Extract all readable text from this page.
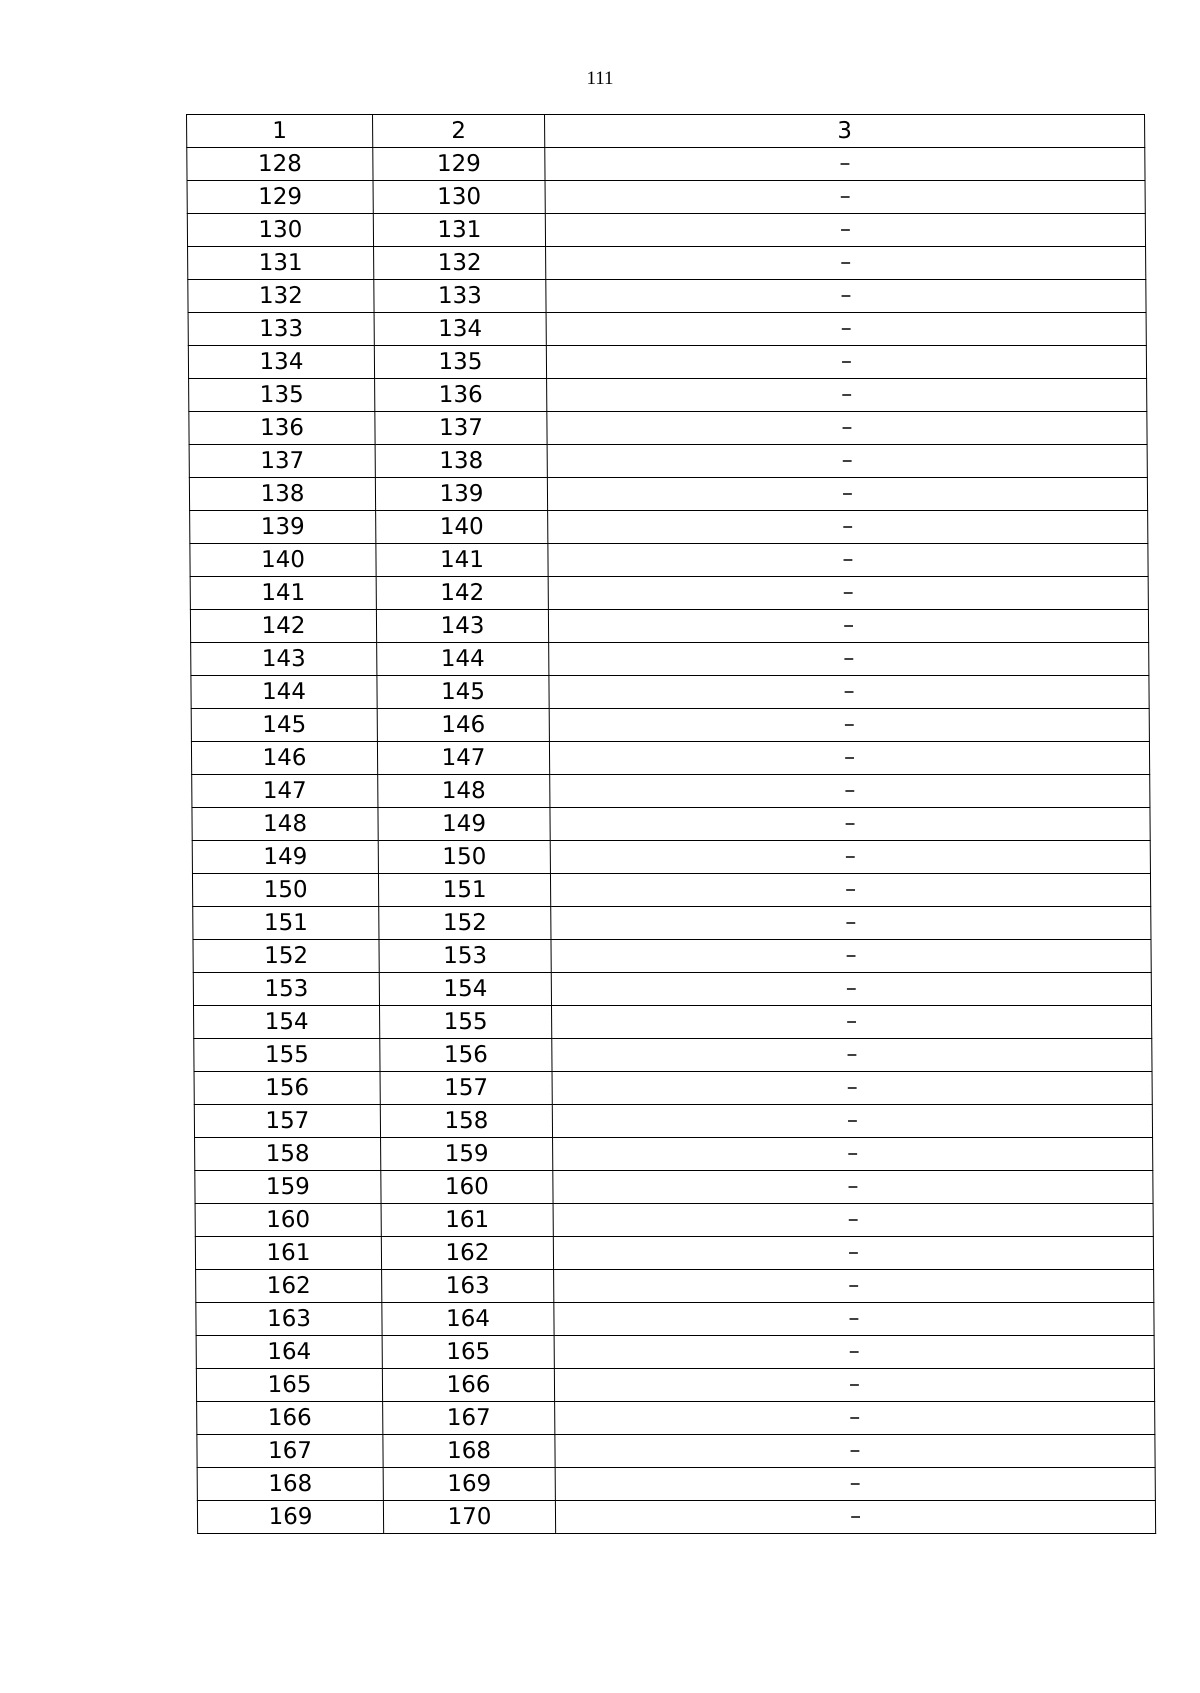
111
1	2	3
128	129	–
129	130	–
130	131	–
131	132	–
132	133	–
133	134	–
134	135	–
135	136	–
136	137	–
137	138	–
138	139	–
139	140	–
140	141	–
141	142	–
142	143	–
143	144	–
144	145	–
145	146	–
146	147	–
147	148	–
148	149	–
149	150	–
150	151	–
151	152	–
152	153	–
153	154	–
154	155	–
155	156	–
156	157	–
157	158	–
158	159	–
159	160	–
160	161	–
161	162	–
162	163	–
163	164	–
164	165	–
165	166	–
166	167	–
167	168	–
168	169	–
169	170	–
